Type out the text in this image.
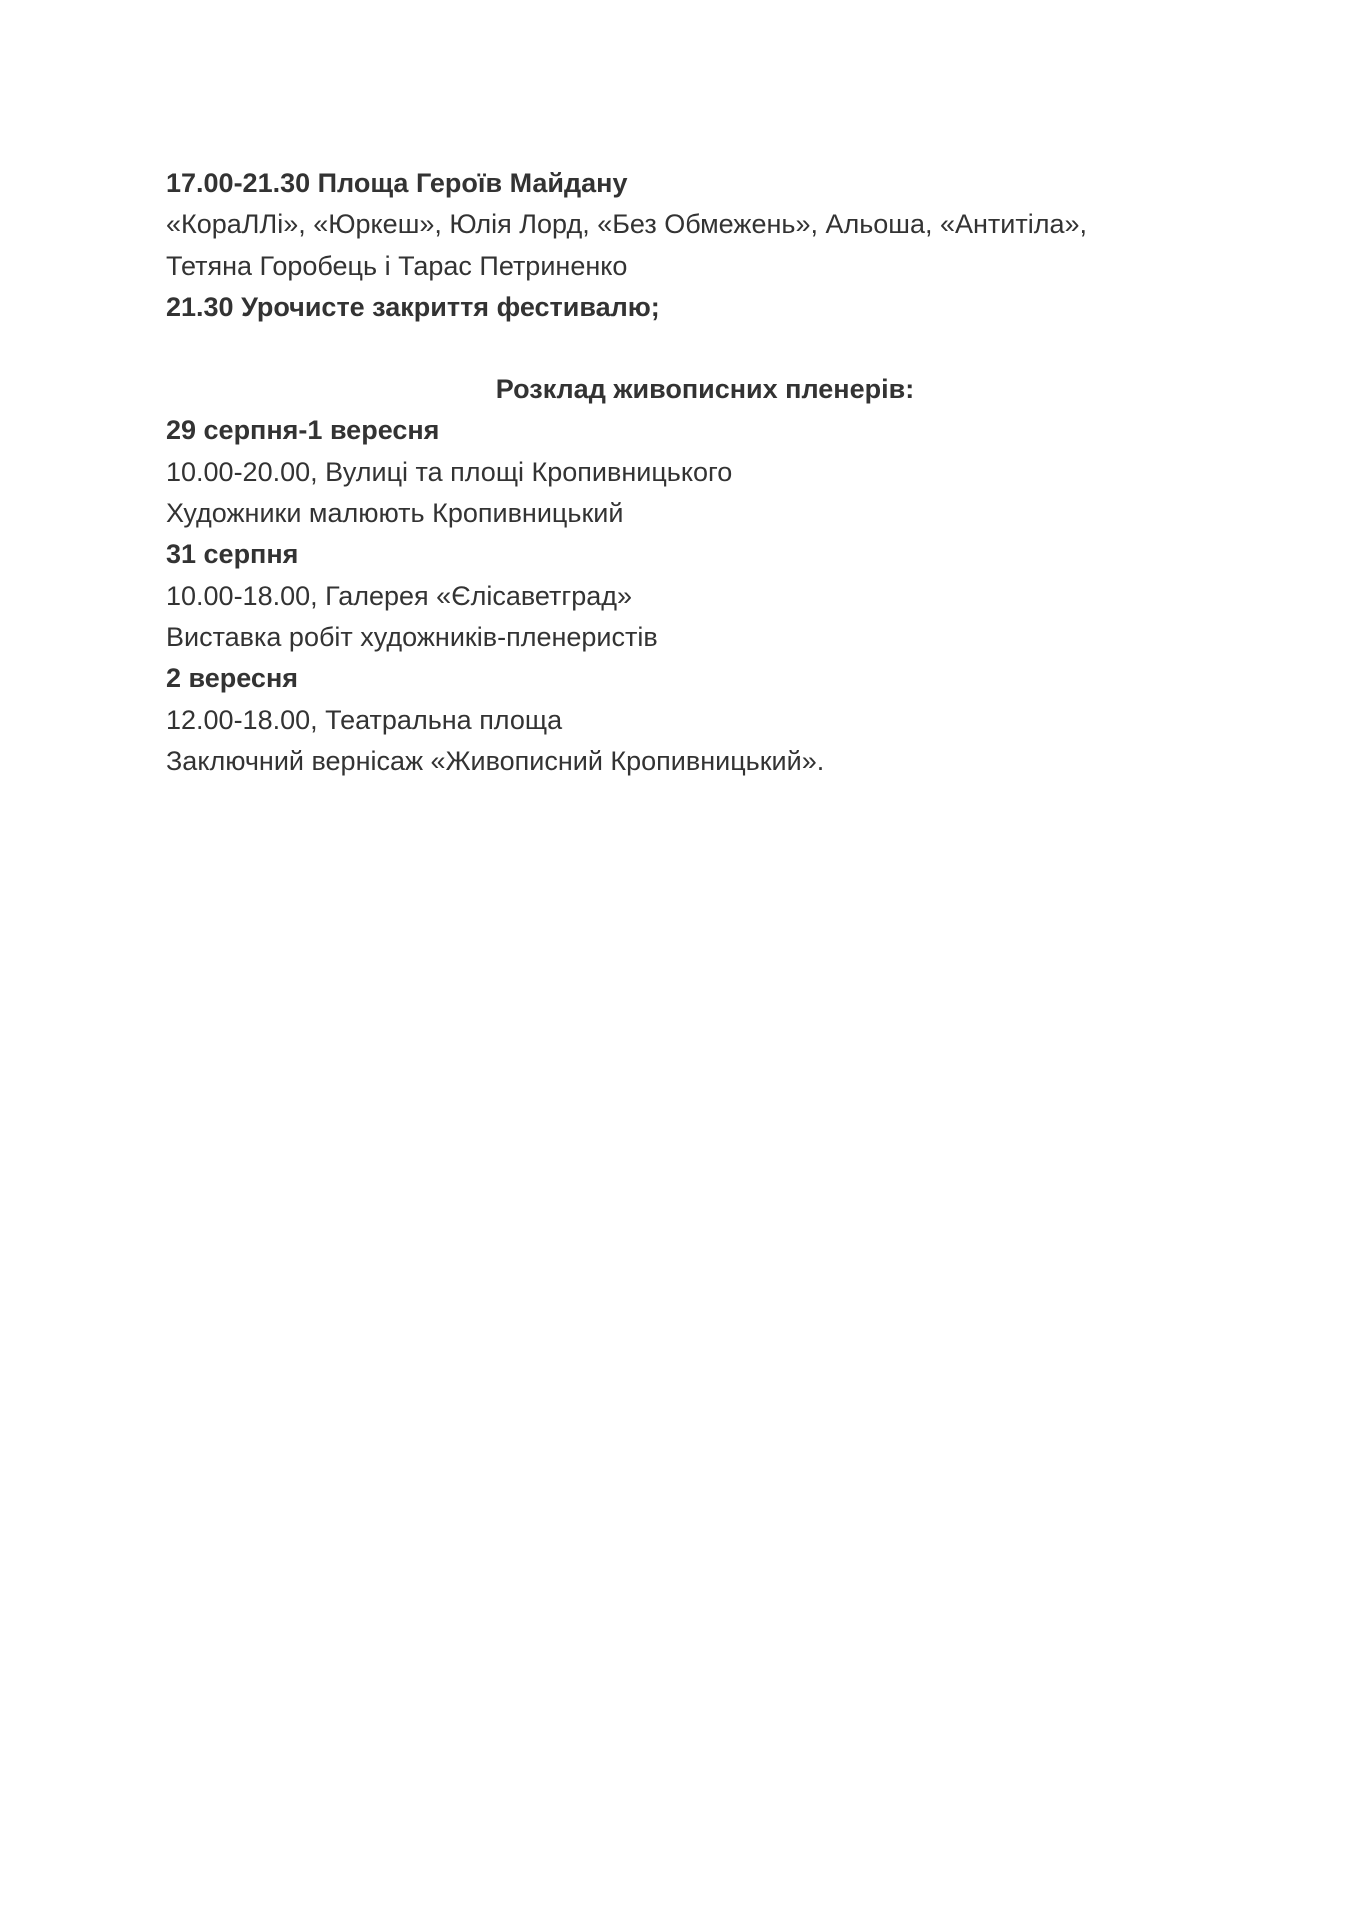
17.00-21.30 Площа Героїв Майдану
«КораЛЛі», «Юркеш», Юлія Лорд, «Без Обмежень», Альоша, «Антитіла»,
Тетяна Горобець і Тарас Петриненко
21.30 Урочисте закриття фестивалю;
Розклад живописних пленерів:
29 серпня-1 вересня
10.00-20.00, Вулиці та площі Кропивницького
Художники малюють Кропивницький
31 серпня
10.00-18.00, Галерея «Єлісаветград»
Виставка робіт художників-пленеристів
2 вересня
12.00-18.00, Театральна площа
Заключний вернісаж «Живописний Кропивницький».
